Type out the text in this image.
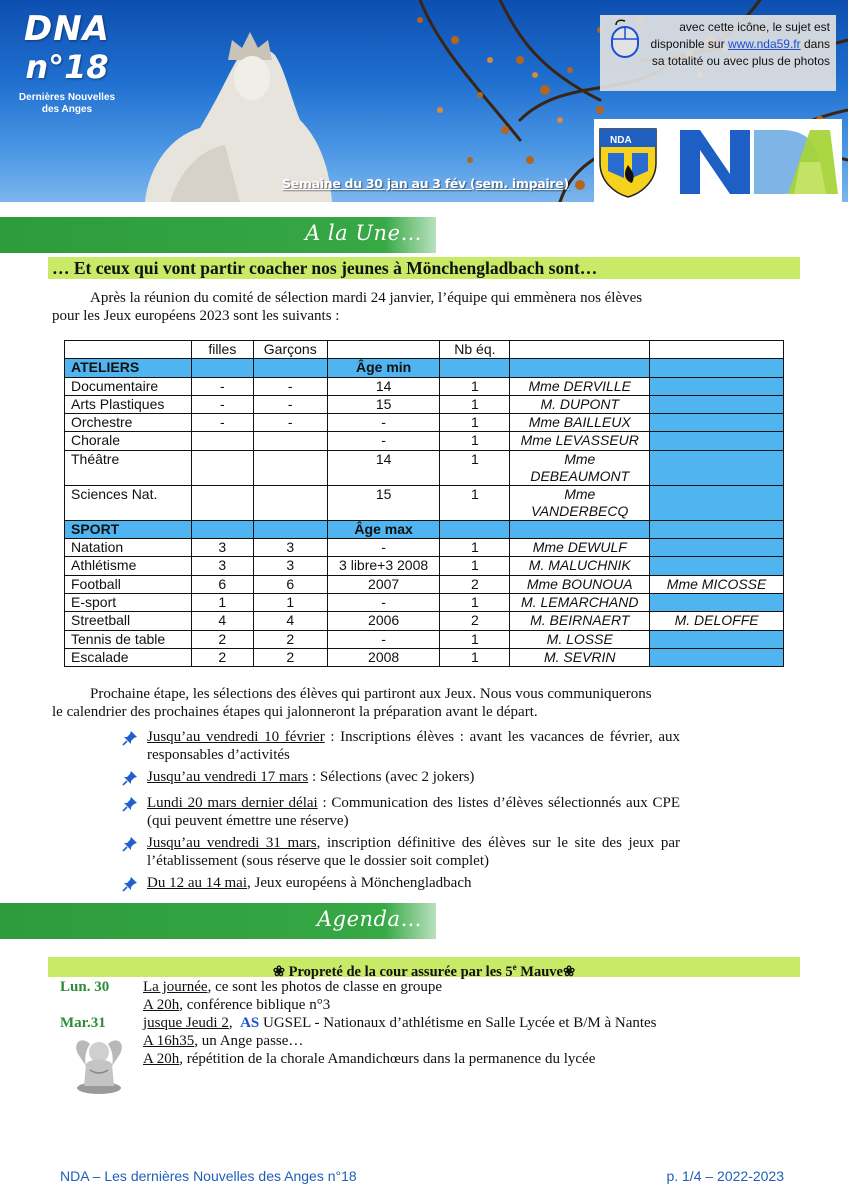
DNA
n°18
Dernières Nouvelles
des Anges
avec cette icône, le sujet est
disponible sur www.nda59.fr dans
sa totalité ou avec plus de photos
NDA
Semaine du 30 jan au 3 fév (sem. impaire)
A la Une…
… Et ceux qui vont partir coacher nos jeunes à Mönchengladbach sont…
Après la réunion du comité de sélection mardi 24 janvier, l’équipe qui emmènera nos élèves
pour les Jeux européens 2023 sont les suivants :
	filles	Garçons		Nb éq.		
ATELIERS			Âge min			
Documentaire	-	-	14	1	Mme DERVILLE	
Arts Plastiques	-	-	15	1	M. DUPONT	
Orchestre	-	-	-	1	Mme BAILLEUX	
Chorale			-	1	Mme LEVASSEUR	
Théâtre			14	1	Mme
DEBEAUMONT	

Sciences Nat.			15	1	Mme
VANDERBECQ	

SPORT			Âge max			
Natation	3	3	-	1	Mme DEWULF	
Athlétisme	3	3	3 libre+3 2008	1	M. MALUCHNIK	
Football	6	6	2007	2	Mme BOUNOUA	Mme MICOSSE
E-sport	1	1	-	1	M. LEMARCHAND	
Streetball	4	4	2006	2	M. BEIRNAERT	M. DELOFFE
Tennis de table	2	2	-	1	M. LOSSE	
Escalade	2	2	2008	1	M. SEVRIN	
Prochaine étape, les sélections des élèves qui partiront aux Jeux. Nous vous communiquerons
le calendrier des prochaines étapes qui jalonneront la préparation avant le départ.
Jusqu’au vendredi 10 février : Inscriptions élèves : avant les vacances de février, aux responsables d’activités
Jusqu’au vendredi 17 mars : Sélections (avec 2 jokers)
Lundi 20 mars dernier délai : Communication des listes d’élèves sélectionnés aux CPE (qui peuvent émettre une réserve)
Jusqu’au vendredi 31 mars, inscription définitive des élèves sur le site des jeux par l’établissement (sous réserve que le dossier soit complet)
Du 12 au 14 mai, Jeux européens à Mönchengladbach
Agenda…
❀ Propreté de la cour assurée par les 5e Mauve❀
Lun. 30 La journée, ce sont les photos de classe en groupe
A 20h, conférence biblique n°3
Mar.31 jusque Jeudi 2,  AS UGSEL - Nationaux d’athlétisme en Salle Lycée et B/M à Nantes
A 16h35, un Ange passe…
A 20h, répétition de la chorale Amandichœurs dans la permanence du lycée
NDA – Les dernières Nouvelles des Anges n°18	p. 1/4 – 2022-2023
